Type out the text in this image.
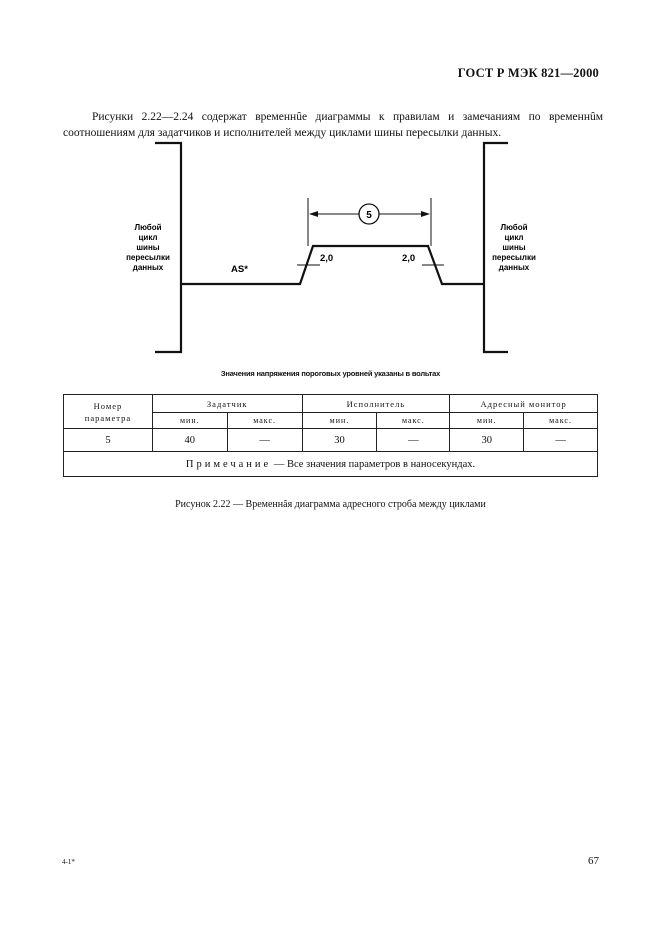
ГОСТ Р МЭК 821—2000

Рисунки 2.22—2.24 содержат временнȗе диаграммы к правилам и замечаниям по временнȗм соотношениям для задатчиков и исполнителей между циклами шины пересылки данных.

5
2,0	2,0
AS*
Любой
цикл
шины
пересылки
данных
Любой
цикл
шины
пересылки
данных
Значения напряжения пороговых уровней указаны в вольтах
Номер
параметра	Задатчик		Исполнитель		Адресный монитор	
	мин.	макс.	мин.	макс.	мин.	макс.
5	40	—	30	—	30	—
Примечание — Все значения параметров в наносекундах.						
Рисунок 2.22 — Временнȃя диаграмма адресного строба между циклами
4-1*	67
